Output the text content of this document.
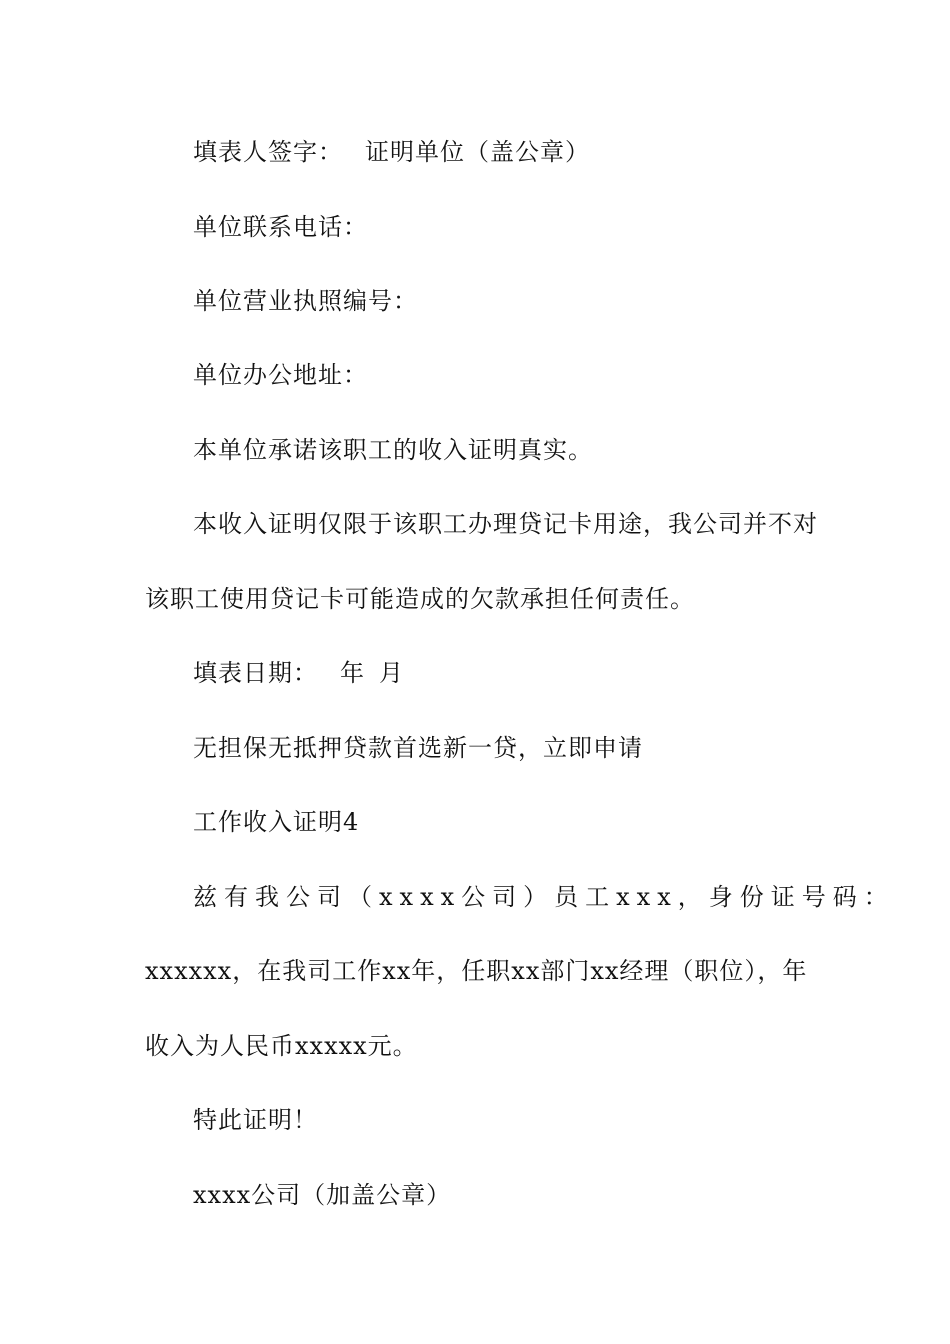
填表人签字： 证明单位（盖公章）
单位联系电话：
单位营业执照编号：
单位办公地址：
本单位承诺该职工的收入证明真实。
本收入证明仅限于该职工办理贷记卡用途，我公司并不对
该职工使用贷记卡可能造成的欠款承担任何责任。
填表日期： 年 月
无担保无抵押贷款首选新一贷，立即申请
工作收入证明4
兹有我公司（xxxx公司）员工xxx， 身份证号码：
xxxxxx，在我司工作xx年，任职xx部门xx经理（职位），年
收入为人民币xxxxx元。
特此证明！
xxxx公司（加盖公章）
